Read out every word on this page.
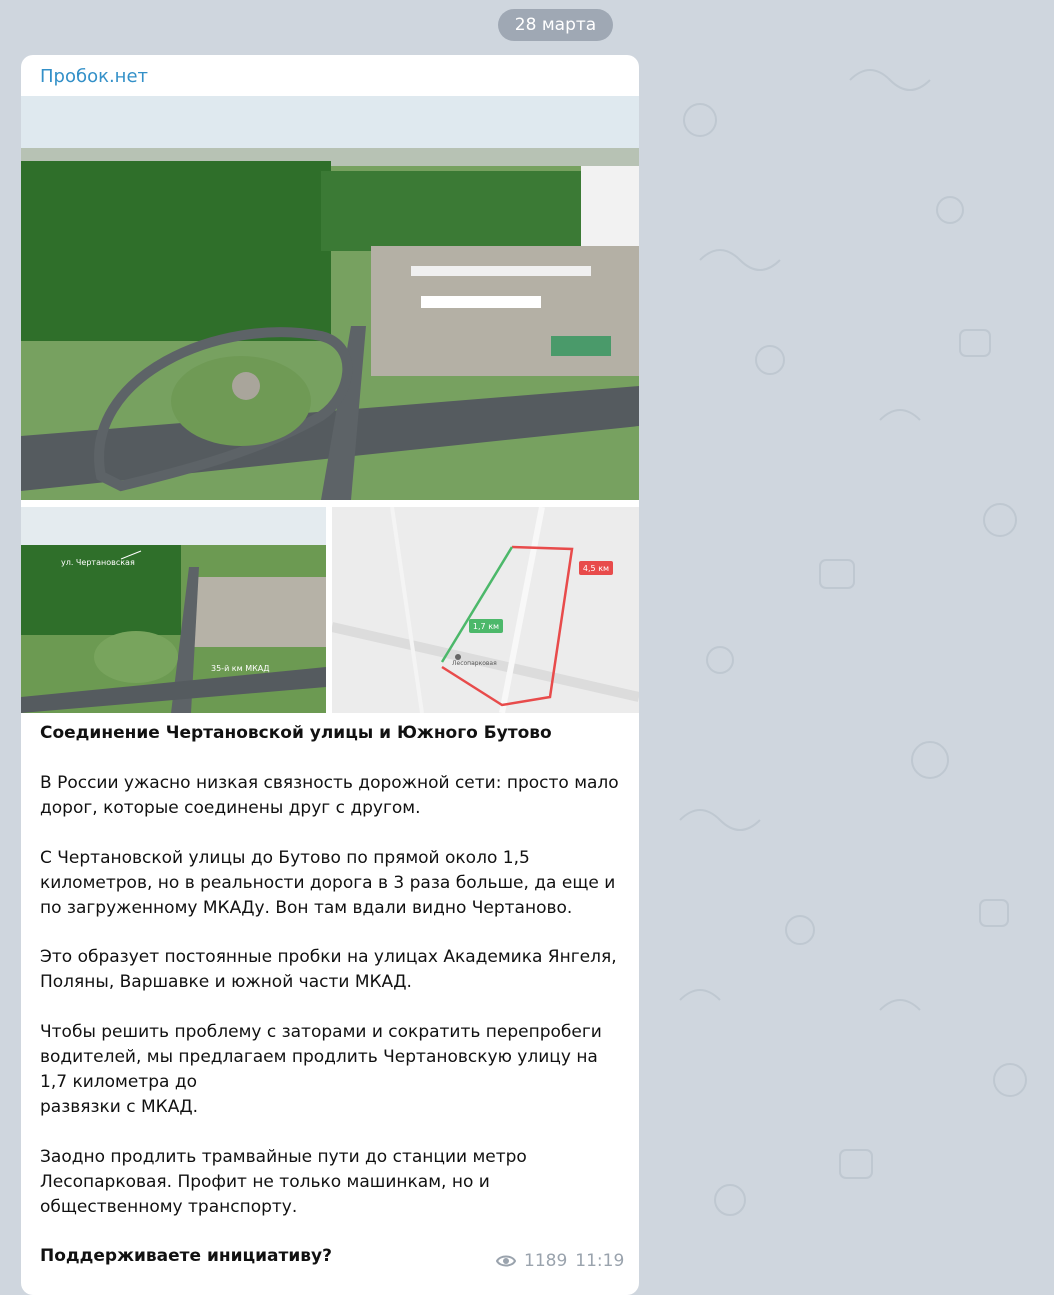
28 марта
Пробок.нет
ул. Чертановская
35-й км МКАД
4,5 км
1,7 км
Лесопарковая
Соединение Чертановской улицы и Южного Бутово
В России ужасно низкая связность дорожной сети: просто мало дорог, которые соединены друг с другом.
С Чертановской улицы до Бутово по прямой около 1,5 километров, но в реальности дорога в 3 раза больше, да еще и по загруженному МКАДу. Вон там вдали видно Чертаново.
Это образует постоянные пробки на улицах Академика Янгеля, Поляны, Варшавке и южной части МКАД.
Чтобы решить проблему с заторами и сократить перепробеги водителей, мы предлагаем продлить Чертановскую улицу на 1,7 километра до
развязки с МКАД.
Заодно продлить трамвайные пути до станции метро Лесопарковая. Профит не только машинкам, но и общественному транспорту.
Поддерживаете инициативу?	1189 11:19
